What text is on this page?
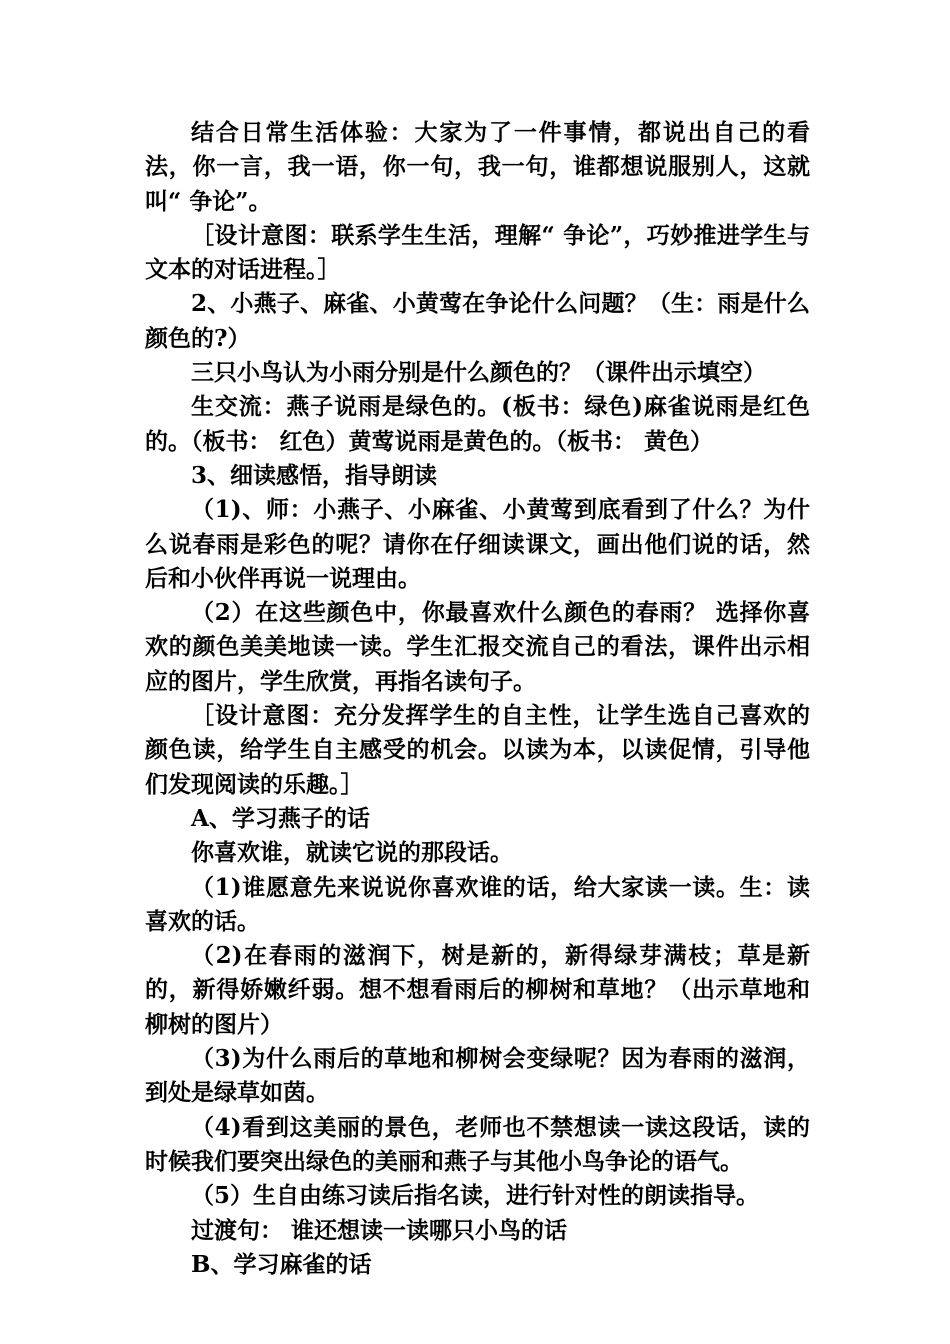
结合日常生活体验：大家为了一件事情，都说出自己的看法，你一言，我一语，你一句，我一句，谁都想说服别人，这就叫“ 争论”。

［设计意图：联系学生生活，理解“ 争论”，巧妙推进学生与文本的对话进程。］

2、小燕子、麻雀、小黄莺在争论什么问题？（生：雨是什么颜色的?）

三只小鸟认为小雨分别是什么颜色的？（课件出示填空）

生交流：燕子说雨是绿色的。(板书：绿色)麻雀说雨是红色的。（板书： 红色）黄莺说雨是黄色的。（板书： 黄色）

3、细读感悟，指导朗读

（1)、师：小燕子、小麻雀、小黄莺到底看到了什么？为什么说春雨是彩色的呢？请你在仔细读课文，画出他们说的话，然后和小伙伴再说一说理由。

（2）在这些颜色中，你最喜欢什么颜色的春雨？ 选择你喜欢的颜色美美地读一读。学生汇报交流自己的看法，课件出示相应的图片，学生欣赏，再指名读句子。

［设计意图：充分发挥学生的自主性，让学生选自己喜欢的颜色读，给学生自主感受的机会。以读为本，以读促情，引导他们发现阅读的乐趣。］

A、学习燕子的话

你喜欢谁，就读它说的那段话。

（1)谁愿意先来说说你喜欢谁的话，给大家读一读。生：读喜欢的话。

（2)在春雨的滋润下，树是新的，新得绿芽满枝；草是新的，新得娇嫩纤弱。想不想看雨后的柳树和草地？（出示草地和柳树的图片）

（3)为什么雨后的草地和柳树会变绿呢？因为春雨的滋润，到处是绿草如茵。

（4)看到这美丽的景色，老师也不禁想读一读这段话，读的时候我们要突出绿色的美丽和燕子与其他小鸟争论的语气。

（5）生自由练习读后指名读，进行针对性的朗读指导。

过渡句： 谁还想读一读哪只小鸟的话

B、学习麻雀的话
